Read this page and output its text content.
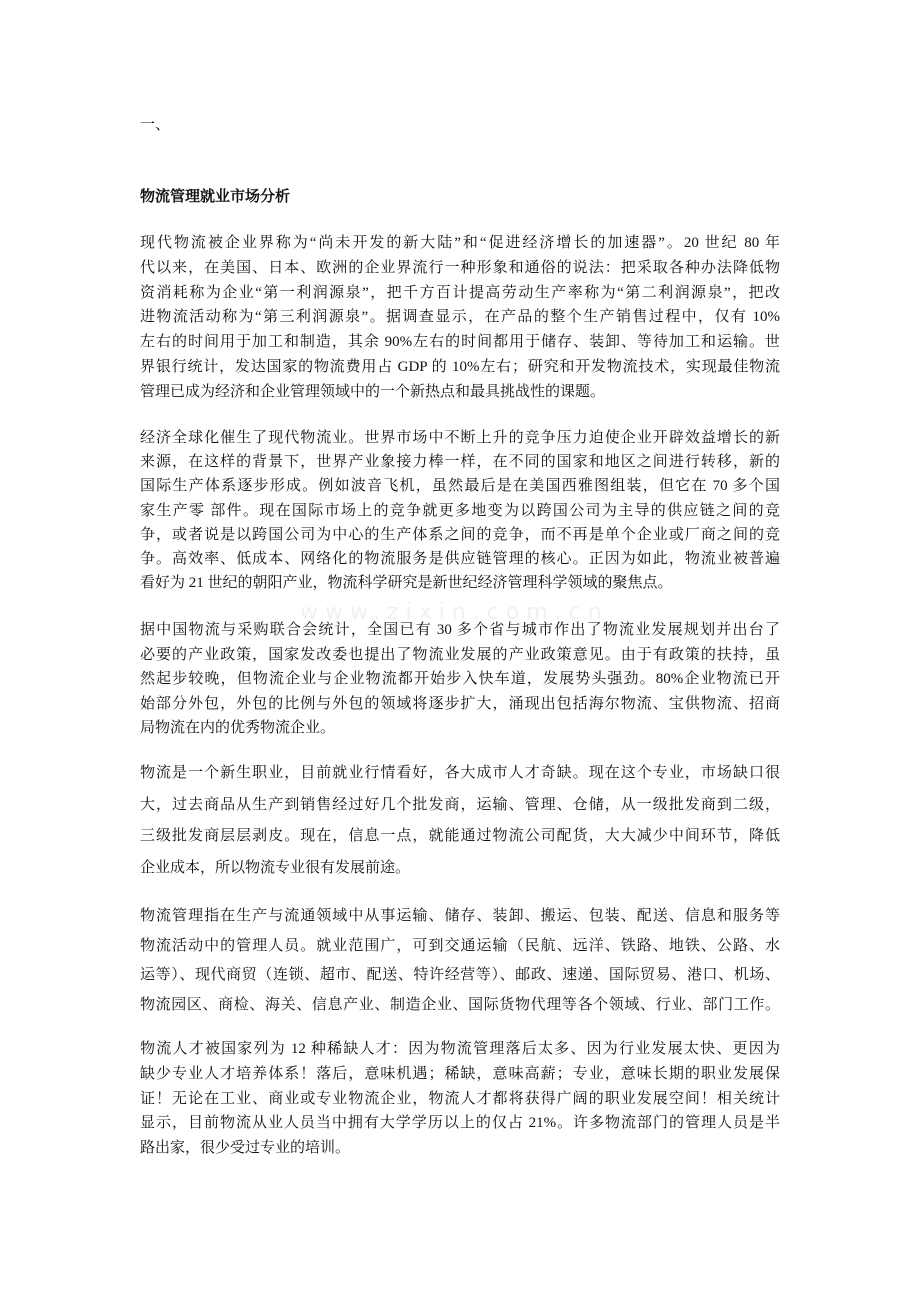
www.zixin.com.cn
一、
物流管理就业市场分析
现代物流被企业界称为“尚未开发的新大陆”和“促进经济增长的加速器”。20 世纪 80 年
代以来，在美国、日本、欧洲的企业界流行一种形象和通俗的说法：把采取各种办法降低物
资消耗称为企业“第一利润源泉”，把千方百计提高劳动生产率称为“第二利润源泉”，把改
进物流活动称为“第三利润源泉”。据调查显示，在产品的整个生产销售过程中，仅有 10%
左右的时间用于加工和制造，其余 90%左右的时间都用于储存、装卸、等待加工和运输。世
界银行统计，发达国家的物流费用占 GDP 的 10%左右；研究和开发物流技术，实现最佳物流
管理已成为经济和企业管理领域中的一个新热点和最具挑战性的课题。
经济全球化催生了现代物流业。世界市场中不断上升的竞争压力迫使企业开辟效益增长的新
来源，在这样的背景下，世界产业象接力棒一样，在不同的国家和地区之间进行转移，新的
国际生产体系逐步形成。例如波音飞机，虽然最后是在美国西雅图组装，但它在 70 多个国
家生产零 部件。现在国际市场上的竞争就更多地变为以跨国公司为主导的供应链之间的竞
争，或者说是以跨国公司为中心的生产体系之间的竞争，而不再是单个企业或厂商之间的竞
争。高效率、低成本、网络化的物流服务是供应链管理的核心。正因为如此，物流业被普遍
看好为 21 世纪的朝阳产业，物流科学研究是新世纪经济管理科学领域的聚焦点。
据中国物流与采购联合会统计，全国已有 30 多个省与城市作出了物流业发展规划并出台了
必要的产业政策，国家发改委也提出了物流业发展的产业政策意见。由于有政策的扶持，虽
然起步较晚，但物流企业与企业物流都开始步入快车道，发展势头强劲。80%企业物流已开
始部分外包，外包的比例与外包的领域将逐步扩大，涌现出包括海尔物流、宝供物流、招商
局物流在内的优秀物流企业。
物流是一个新生职业，目前就业行情看好，各大成市人才奇缺。现在这个专业，市场缺口很
大，过去商品从生产到销售经过好几个批发商，运输、管理、仓储，从一级批发商到二级，
三级批发商层层剥皮。现在，信息一点，就能通过物流公司配货，大大减少中间环节，降低
企业成本，所以物流专业很有发展前途。
物流管理指在生产与流通领域中从事运输、储存、装卸、搬运、包装、配送、信息和服务等
物流活动中的管理人员。就业范围广，可到交通运输（民航、远洋、铁路、地铁、公路、水
运等）、现代商贸（连锁、超市、配送、特许经营等）、邮政、速递、国际贸易、港口、机场、
物流园区、商检、海关、信息产业、制造企业、国际货物代理等各个领域、行业、部门工作。
物流人才被国家列为 12 种稀缺人才：因为物流管理落后太多、因为行业发展太快、更因为
缺少专业人才培养体系！落后，意味机遇；稀缺，意味高薪；专业，意味长期的职业发展保
证！无论在工业、商业或专业物流企业，物流人才都将获得广阔的职业发展空间！相关统计
显示，目前物流从业人员当中拥有大学学历以上的仅占 21%。许多物流部门的管理人员是半
路出家，很少受过专业的培训。
